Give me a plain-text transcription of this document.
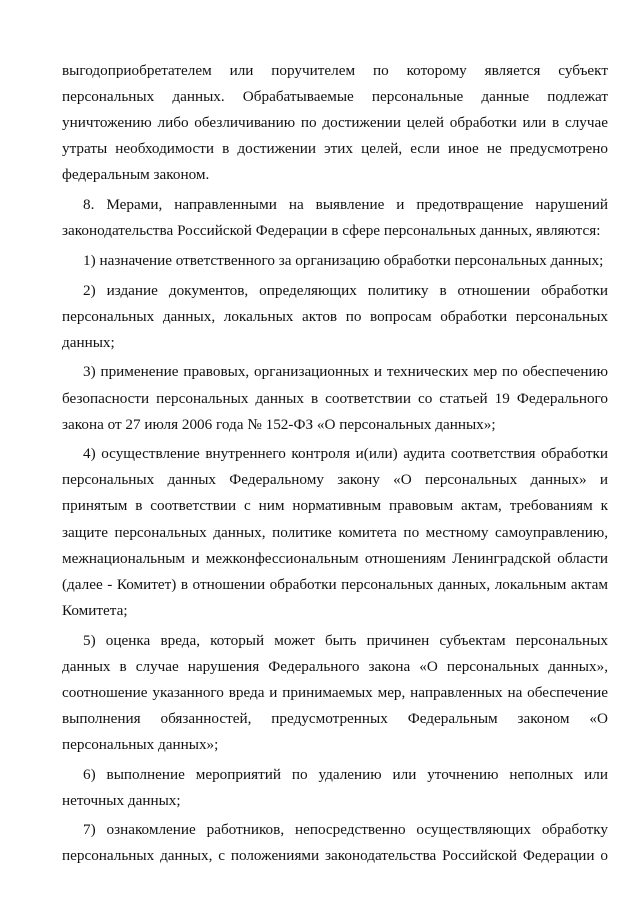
выгодоприобретателем или поручителем по которому является субъект персональных данных. Обрабатываемые персональные данные подлежат уничтожению либо обезличиванию по достижении целей обработки или в случае утраты необходимости в достижении этих целей, если иное не предусмотрено федеральным законом.

8. Мерами, направленными на выявление и предотвращение нарушений законодательства Российской Федерации в сфере персональных данных, являются:

1) назначение ответственного за организацию обработки персональных данных;

2) издание документов, определяющих политику в отношении обработки персональных данных, локальных актов по вопросам обработки персональных данных;

3) применение правовых, организационных и технических мер по обеспечению безопасности персональных данных в соответствии со статьей 19 Федерального закона от 27 июля 2006 года № 152-ФЗ «О персональных данных»;

4) осуществление внутреннего контроля и(или) аудита соответствия обработки персональных данных Федеральному закону «О персональных данных» и принятым в соответствии с ним нормативным правовым актам, требованиям к защите персональных данных, политике комитета по местному самоуправлению, межнациональным и межконфессиональным отношениям Ленинградской области (далее - Комитет) в отношении обработки персональных данных, локальным актам Комитета;

5) оценка вреда, который может быть причинен субъектам персональных данных в случае нарушения Федерального закона «О персональных данных», соотношение указанного вреда и принимаемых мер, направленных на обеспечение выполнения обязанностей, предусмотренных Федеральным законом «О персональных данных»;

6) выполнение мероприятий по удалению или уточнению неполных или неточных данных;

7) ознакомление работников, непосредственно осуществляющих обработку персональных данных, с положениями законодательства Российской Федерации о
